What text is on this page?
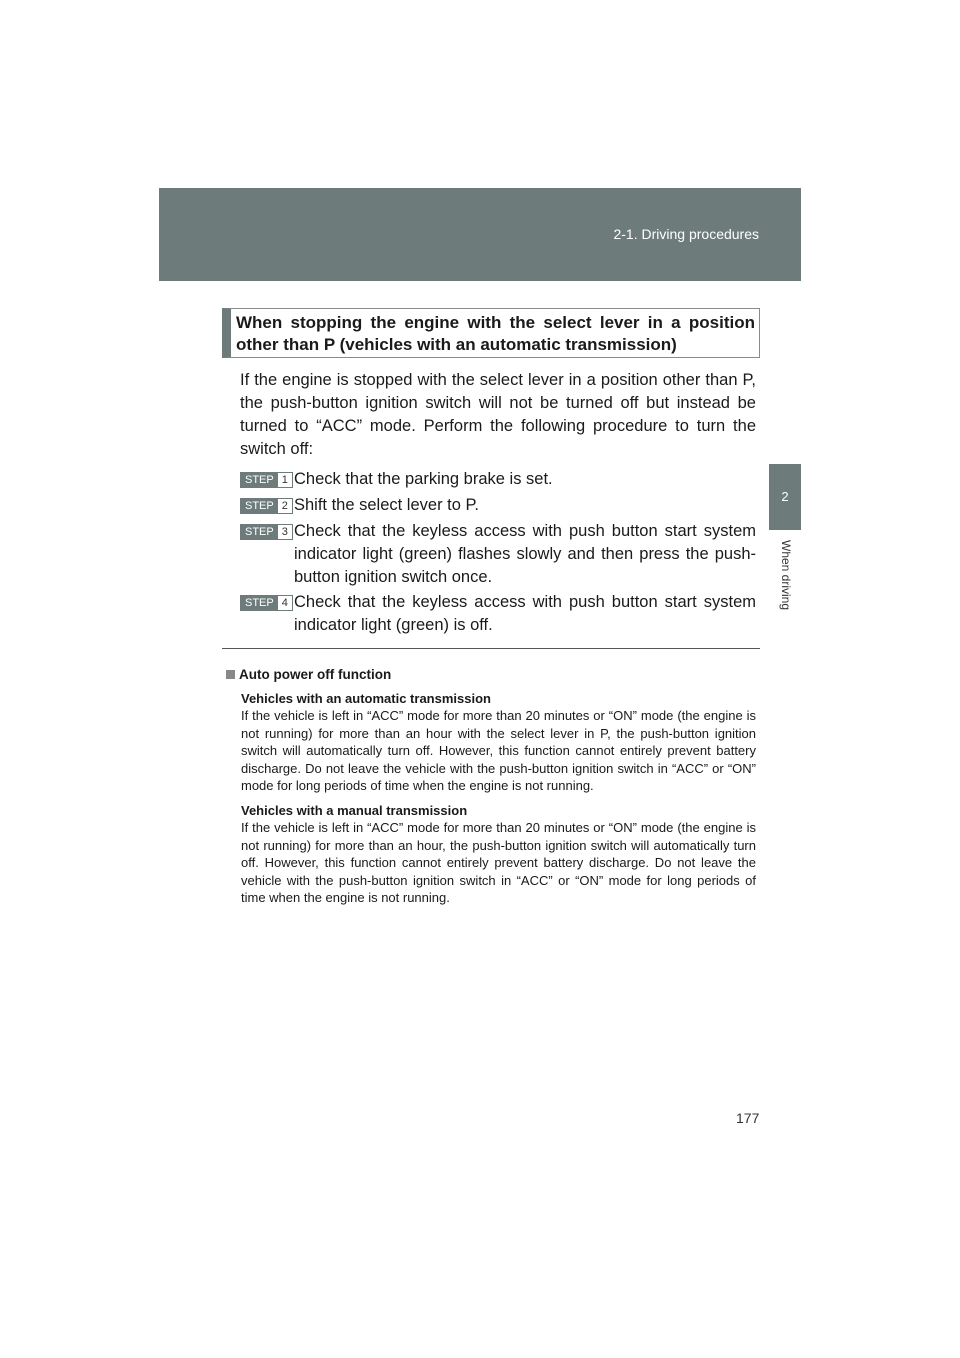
2-1. Driving procedures
2
When driving
When stopping the engine with the select lever in a position other than P (vehicles with an automatic transmission)
If the engine is stopped with the select lever in a position other than P, the push-button ignition switch will not be turned off but instead be turned to “ACC” mode. Perform the following procedure to turn the switch off:
STEP 1 Check that the parking brake is set.
STEP 2 Shift the select lever to P.
STEP 3 Check that the keyless access with push button start system indicator light (green) flashes slowly and then press the push-button ignition switch once.
STEP 4 Check that the keyless access with push button start system indicator light (green) is off.
Auto power off function
Vehicles with an automatic transmission
If the vehicle is left in “ACC” mode for more than 20 minutes or “ON” mode (the engine is not running) for more than an hour with the select lever in P, the push-button ignition switch will automatically turn off. However, this function cannot entirely prevent battery discharge. Do not leave the vehicle with the push-button ignition switch in “ACC” or “ON” mode for long periods of time when the engine is not running.
Vehicles with a manual transmission
If the vehicle is left in “ACC” mode for more than 20 minutes or “ON” mode (the engine is not running) for more than an hour, the push-button ignition switch will automatically turn off. However, this function cannot entirely prevent battery discharge. Do not leave the vehicle with the push-button ignition switch in “ACC” or “ON” mode for long periods of time when the engine is not running.
177
